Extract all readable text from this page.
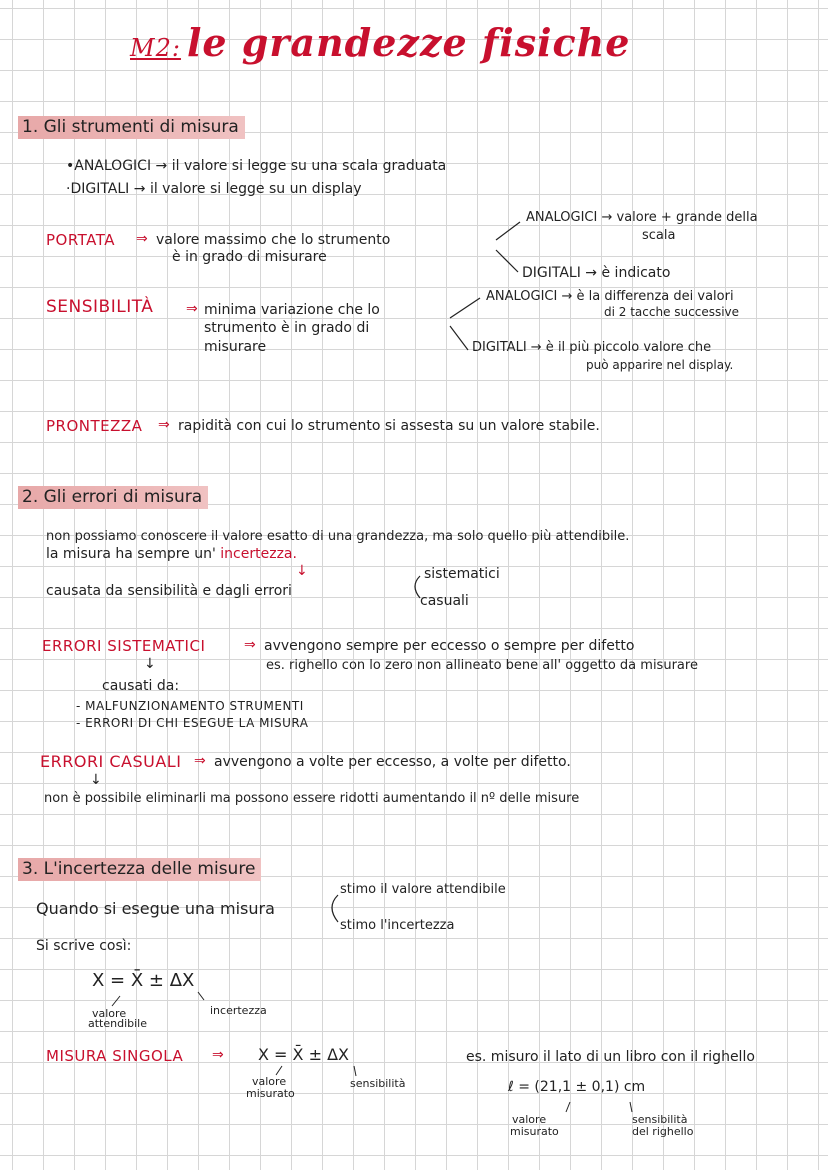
M2: le grandezze fisiche
1. Gli strumenti di misura
•ANALOGICI → il valore si legge su una scala graduata
·DIGITALI → il valore si legge su un display
PORTATA ⇒ valore massimo che lo strumento
è in grado di misurare
ANALOGICI → valore + grande della
scala
DIGITALI → è indicato
SENSIBILITÀ ⇒ minima variazione che lo
strumento è in grado di
misurare
ANALOGICI → è la differenza dei valori
di 2 tacche successive
DIGITALI → è il più piccolo valore che
può apparire nel display.
PRONTEZZA ⇒ rapidità con cui lo strumento si assesta su un valore stabile.
2. Gli errori di misura
non possiamo conoscere il valore esatto di una grandezza, ma solo quello più attendibile.
la misura ha sempre un' incertezza.
↓
causata da sensibilità e dagli errori
sistematici
casuali
ERRORI SISTEMATICI	⇒ avvengono sempre per eccesso o sempre per difetto
es. righello con lo zero non allineato bene all' oggetto da misurare
↓
causati da:
- MALFUNZIONAMENTO STRUMENTI
- ERRORI DI CHI ESEGUE LA MISURA
ERRORI CASUALI ⇒ avvengono a volte per eccesso, a volte per difetto.
↓
non è possibile eliminarli ma possono essere ridotti aumentando il nº delle misure
3. L'incertezza delle misure
Quando si esegue una misura
stimo il valore attendibile
stimo l'incertezza
Si scrive così:
X = X̄ ± ΔX
valore
attendibile
incertezza
MISURA SINGOLA ⇒ X = X̄ ± ΔX
valore
misurato
sensibilità
es. misuro il lato di un libro con il righello
ℓ = (21,1 ± 0,1) cm
valore
misurato
sensibilità
del righello
